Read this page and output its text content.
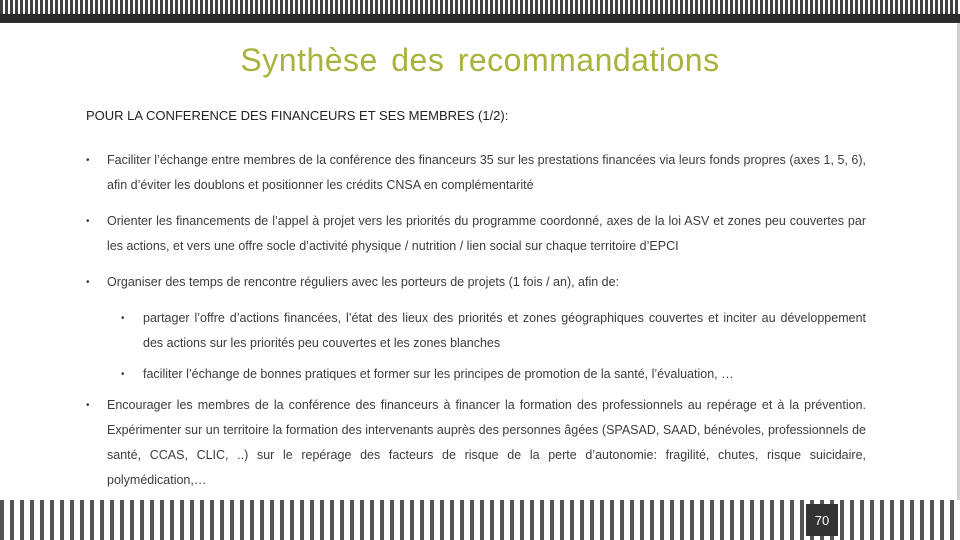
Synthèse des recommandations
POUR LA CONFERENCE DES FINANCEURS ET SES MEMBRES (1/2):
• Faciliter l’échange entre membres de la conférence des financeurs 35 sur les prestations financées via leurs fonds propres (axes 1, 5, 6), afin d’éviter les doublons et positionner les crédits CNSA en complémentarité
• Orienter les financements de l’appel à projet vers les priorités du programme coordonné, axes de la loi ASV et zones peu couvertes par les actions, et vers une offre socle d’activité physique / nutrition / lien social sur chaque territoire d’EPCI
• Organiser des temps de rencontre réguliers avec les porteurs de projets (1 fois / an), afin de:
• partager l’offre d’actions financées, l’état des lieux des priorités et zones géographiques couvertes et inciter au développement des actions sur les priorités peu couvertes et les zones blanches
• faciliter l’échange de bonnes pratiques et former sur les principes de promotion de la santé, l’évaluation, …
• Encourager les membres de la conférence des financeurs à financer la formation des professionnels au repérage et à la prévention. Expérimenter sur un territoire la formation des intervenants auprès des personnes âgées (SPASAD, SAAD, bénévoles, professionnels de santé, CCAS, CLIC, ..) sur le repérage des facteurs de risque de la perte d’autonomie: fragilité, chutes, risque suicidaire, polymédication,…
70
